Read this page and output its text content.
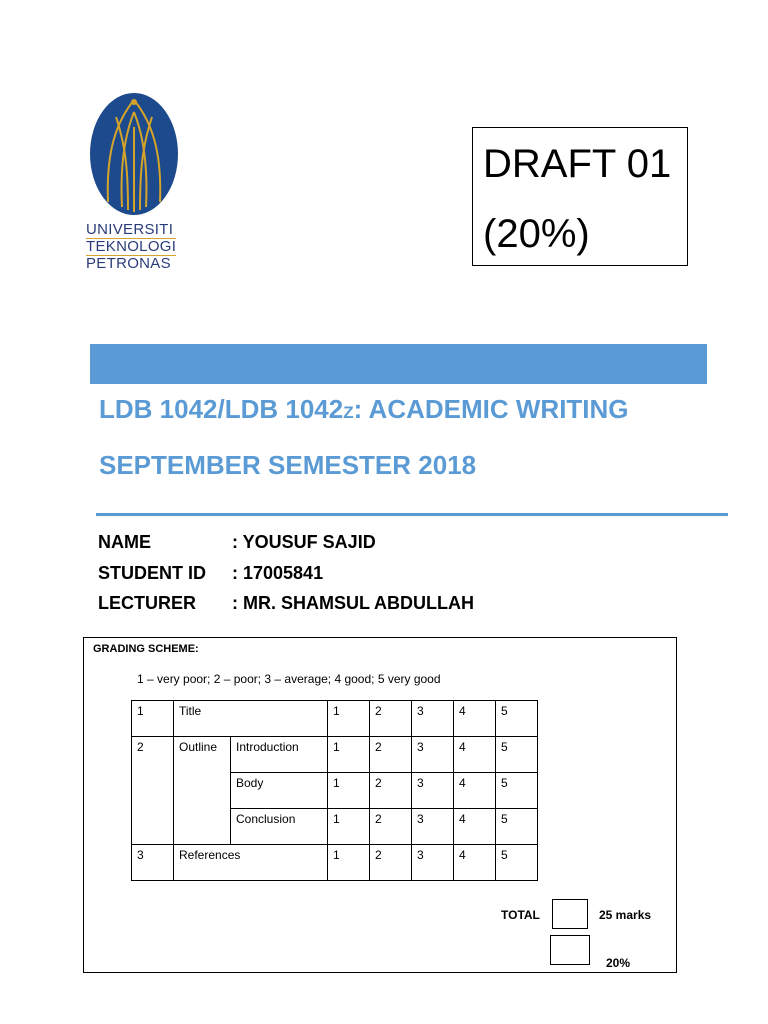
UNIVERSITI
TEKNOLOGI
PETRONAS
DRAFT 01
(20%)
LDB 1042/LDB 1042Z: ACADEMIC WRITING
SEPTEMBER SEMESTER 2018
NAME	: YOUSUF SAJID
STUDENT ID : 17005841
LECTURER : MR. SHAMSUL ABDULLAH
GRADING SCHEME:
1 – very poor; 2 – poor; 3 – average; 4 good; 5 very good
1	Title		1	2	3	4	5
2	Outline	Introduction	1	2	3	4	5
		Body	1	2	3	4	5
		Conclusion	1	2	3	4	5
3	References		1	2	3	4	5
TOTAL	25 marks
20%
